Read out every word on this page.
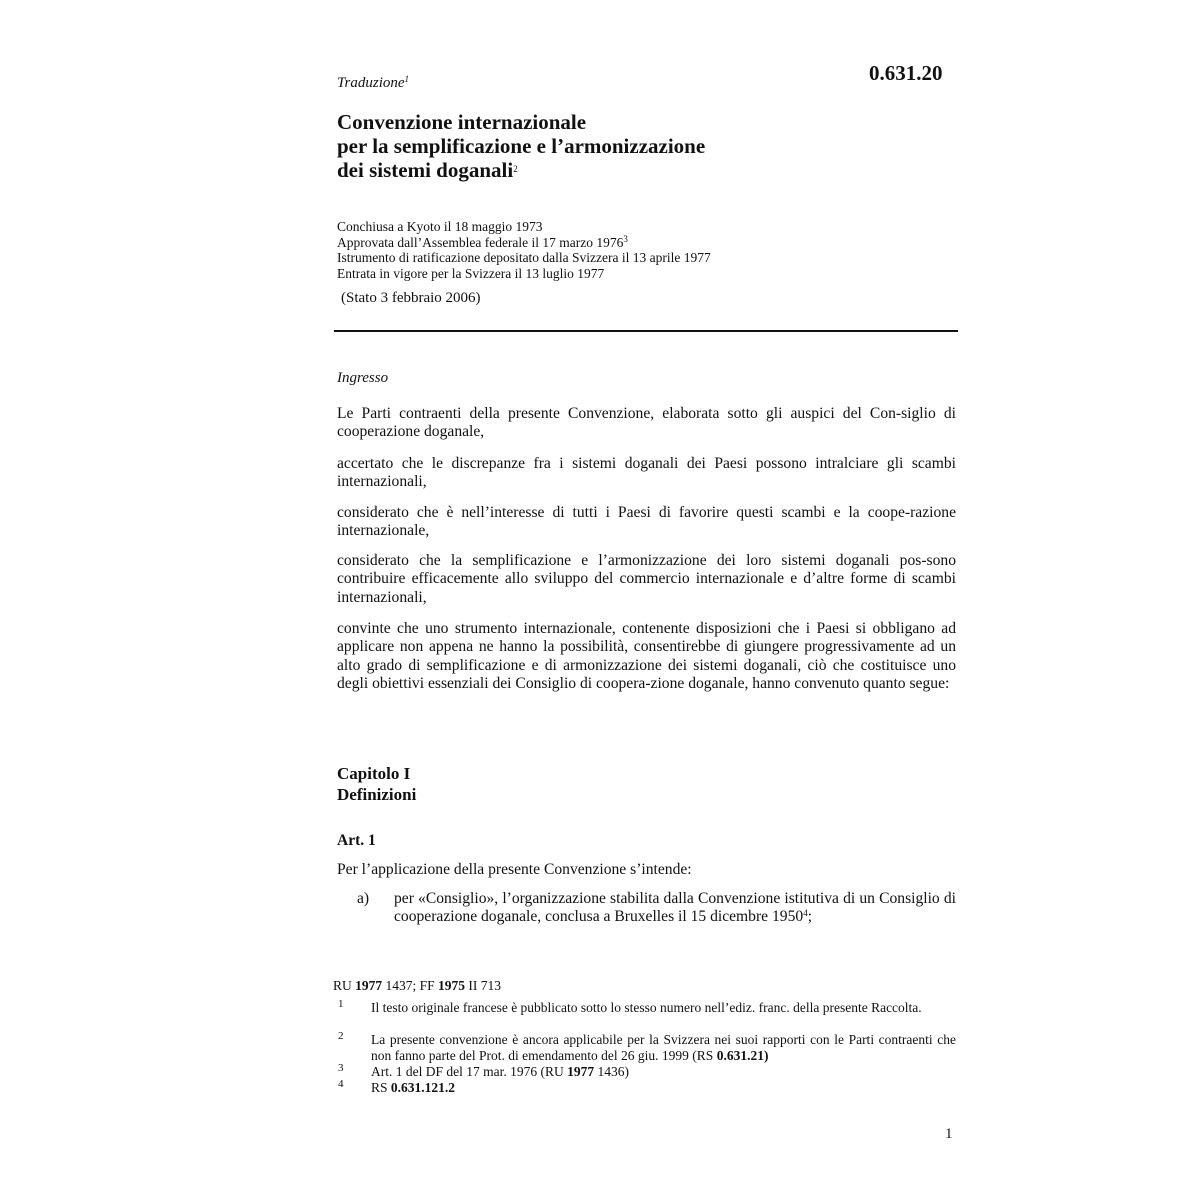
0.631.20
Traduzione$^1$
Convenzione internazionale
per la semplificazione e l’armonizzazione
dei sistemi doganali$^2$
Conchiusa a Kyoto il 18 maggio 1973
Approvata dall’Assemblea federale il 17 marzo 1976$^3$
Istrumento di ratificazione depositato dalla Svizzera il 13 aprile 1977
Entrata in vigore per la Svizzera il 13 luglio 1977
(Stato 3 febbraio 2006)
Ingresso
Le Parti contraenti della presente Convenzione, elaborata sotto gli auspici del Con-siglio di cooperazione doganale,
accertato che le discrepanze fra i sistemi doganali dei Paesi possono intralciare gli scambi internazionali,
considerato che è nell’interesse di tutti i Paesi di favorire questi scambi e la coope-razione internazionale,
considerato che la semplificazione e l’armonizzazione dei loro sistemi doganali pos-sono contribuire efficacemente allo sviluppo del commercio internazionale e d’altre forme di scambi internazionali,
convinte che uno strumento internazionale, contenente disposizioni che i Paesi si obbligano ad applicare non appena ne hanno la possibilità, consentirebbe di giungere progressivamente ad un alto grado di semplificazione e di armonizzazione dei sistemi doganali, ciò che costituisce uno degli obiettivi essenziali dei Consiglio di coopera-zione doganale, hanno convenuto quanto segue:
Capitolo I
Definizioni
Art. 1
Per l’applicazione della presente Convenzione s’intende:
a) per «Consiglio», l’organizzazione stabilita dalla Convenzione istitutiva di un Consiglio di cooperazione doganale, conclusa a Bruxelles il 15 dicembre 1950$^4$;
RU 1977 1437; FF 1975 II 713
1 Il testo originale francese è pubblicato sotto lo stesso numero nell’ediz. franc. della presente Raccolta.
2 La presente convenzione è ancora applicabile per la Svizzera nei suoi rapporti con le Parti contraenti che non fanno parte del Prot. di emendamento del 26 giu. 1999 (RS 0.631.21)
3 Art. 1 del DF del 17 mar. 1976 (RU 1977 1436)
4 RS 0.631.121.2
1
